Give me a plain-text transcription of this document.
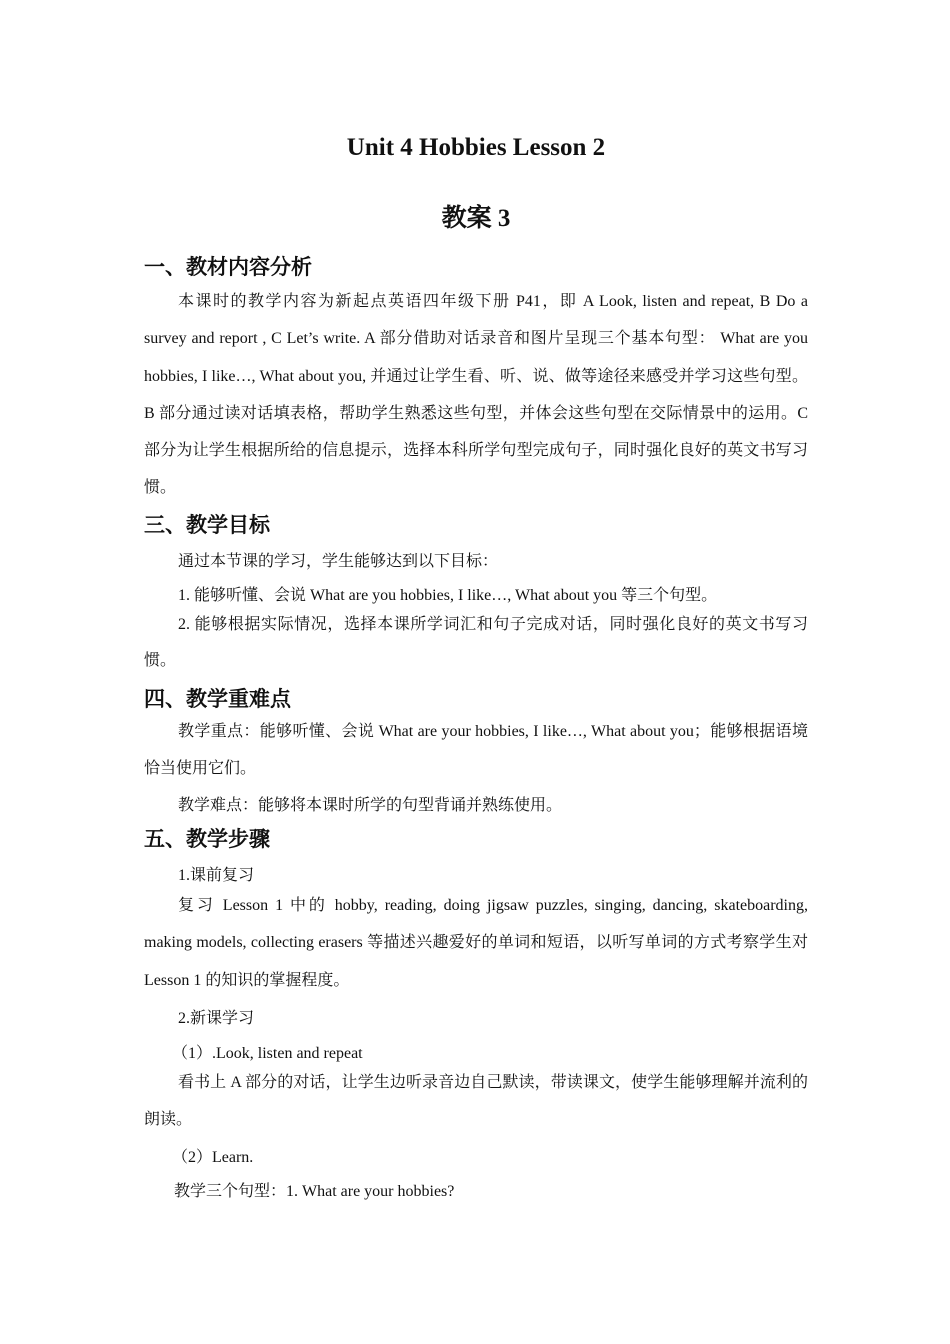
Unit 4 Hobbies Lesson 2
教案 3
一、教材内容分析

本课时的教学内容为新起点英语四年级下册 P41，即 A Look, listen and repeat, B Do a survey and report , C Let’s write. A 部分借助对话录音和图片呈现三个基本句型： What are you hobbies, I like…, What about you, 并通过让学生看、听、说、做等途径来感受并学习这些句型。B 部分通过读对话填表格，帮助学生熟悉这些句型，并体会这些句型在交际情景中的运用。C 部分为让学生根据所给的信息提示，选择本科所学句型完成句子，同时强化良好的英文书写习惯。

三、教学目标

通过本节课的学习，学生能够达到以下目标：

1. 能够听懂、会说 What are you hobbies, I like…, What about you 等三个句型。

2. 能够根据实际情况，选择本课所学词汇和句子完成对话，同时强化良好的英文书写习惯。

四、教学重难点

教学重点：能够听懂、会说 What are your hobbies, I like…, What about you；能够根据语境恰当使用它们。

教学难点：能够将本课时所学的句型背诵并熟练使用。

五、教学步骤

1.课前复习

复习 Lesson 1 中的 hobby, reading, doing jigsaw puzzles, singing, dancing, skateboarding, making models, collecting erasers 等描述兴趣爱好的单词和短语，以听写单词的方式考察学生对 Lesson 1 的知识的掌握程度。

2.新课学习

（1）.Look, listen and repeat

看书上 A 部分的对话，让学生边听录音边自己默读，带读课文，使学生能够理解并流利的朗读。

（2）Learn.

教学三个句型：1. What are your hobbies?
